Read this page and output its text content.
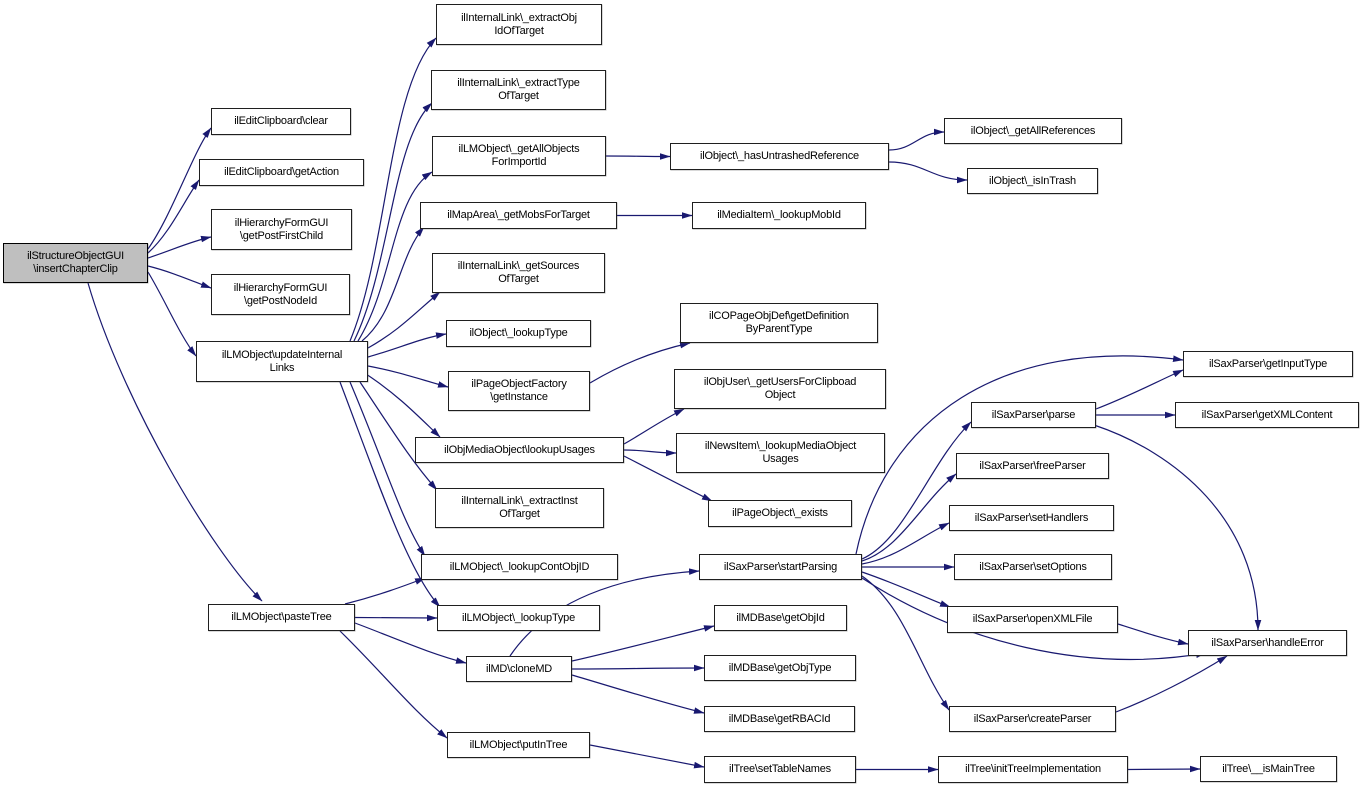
ilStructureObjectGUI
\insertChapterClip
ilEditClipboard\clear
ilEditClipboard\getAction
ilHierarchyFormGUI
\getPostFirstChild
ilHierarchyFormGUI
\getPostNodeId
ilLMObject\updateInternal
Links
ilLMObject\pasteTree
ilInternalLink\_extractObj
IdOfTarget
ilInternalLink\_extractType
OfTarget
ilLMObject\_getAllObjects
ForImportId
ilMapArea\_getMobsForTarget
ilInternalLink\_getSources
OfTarget
ilObject\_lookupType
ilPageObjectFactory
\getInstance
ilObjMediaObject\lookupUsages
ilInternalLink\_extractInst
OfTarget
ilLMObject\_lookupContObjID
ilLMObject\_lookupType
ilMD\cloneMD
ilLMObject\putInTree
ilObject\_hasUntrashedReference
ilMediaItem\_lookupMobId
ilCOPageObjDef\getDefinition
ByParentType
ilObjUser\_getUsersForClipboad
Object
ilNewsItem\_lookupMediaObject
Usages
ilPageObject\_exists
ilSaxParser\startParsing
ilMDBase\getObjId
ilMDBase\getObjType
ilMDBase\getRBACId
ilTree\setTableNames
ilObject\_getAllReferences
ilObject\_isInTrash
ilSaxParser\parse
ilSaxParser\freeParser
ilSaxParser\setHandlers
ilSaxParser\setOptions
ilSaxParser\openXMLFile
ilSaxParser\createParser
ilTree\initTreeImplementation
ilSaxParser\getInputType
ilSaxParser\getXMLContent
ilSaxParser\handleError
ilTree\__isMainTree
